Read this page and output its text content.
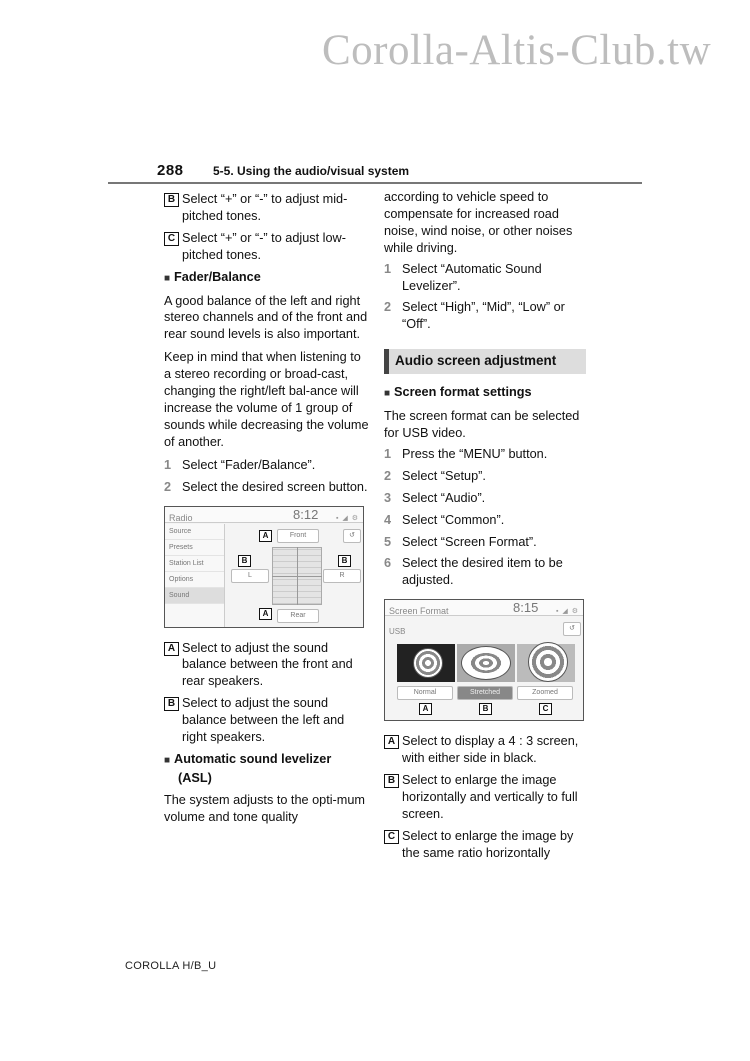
Corolla-Altis-Club.tw
288 5-5. Using the audio/visual system
B Select “+” or “-” to adjust mid-pitched tones.
C Select “+” or “-” to adjust low-pitched tones.
■ Fader/Balance
A good balance of the left and right stereo channels and of the front and rear sound levels is also important.
Keep in mind that when listening to a stereo recording or broad-cast, changing the right/left bal-ance will increase the volume of 1 group of sounds while decreasing the volume of another.
1 Select “Fader/Balance”.
2 Select the desired screen button.
Radio	8:12	▪ ◢ ⚙
Source
Presets
Station List
Options
Sound
Front	↺
L	R
Rear
A
B	B
A
A Select to adjust the sound balance between the front and rear speakers.
B Select to adjust the sound balance between the left and right speakers.
■ Automatic sound levelizer
(ASL)
The system adjusts to the opti-mum volume and tone quality
according to vehicle speed to compensate for increased road noise, wind noise, or other noises while driving.
1 Select “Automatic Sound Levelizer”.
2 Select “High”, “Mid”, “Low” or “Off”.
Audio screen adjustment
■ Screen format settings
The screen format can be selected for USB video.
1 Press the “MENU” button.
2 Select “Setup”.
3 Select “Audio”.
4 Select “Common”.
5 Select “Screen Format”.
6 Select the desired item to be adjusted.
Screen Format	8:15	▪ ◢ ⚙
USB	↺
Normal	Stretched	Zoomed
A	B	C
A Select to display a 4 : 3 screen, with either side in black.
B Select to enlarge the image horizontally and vertically to full screen.
C Select to enlarge the image by the same ratio horizontally
COROLLA H/B_U
